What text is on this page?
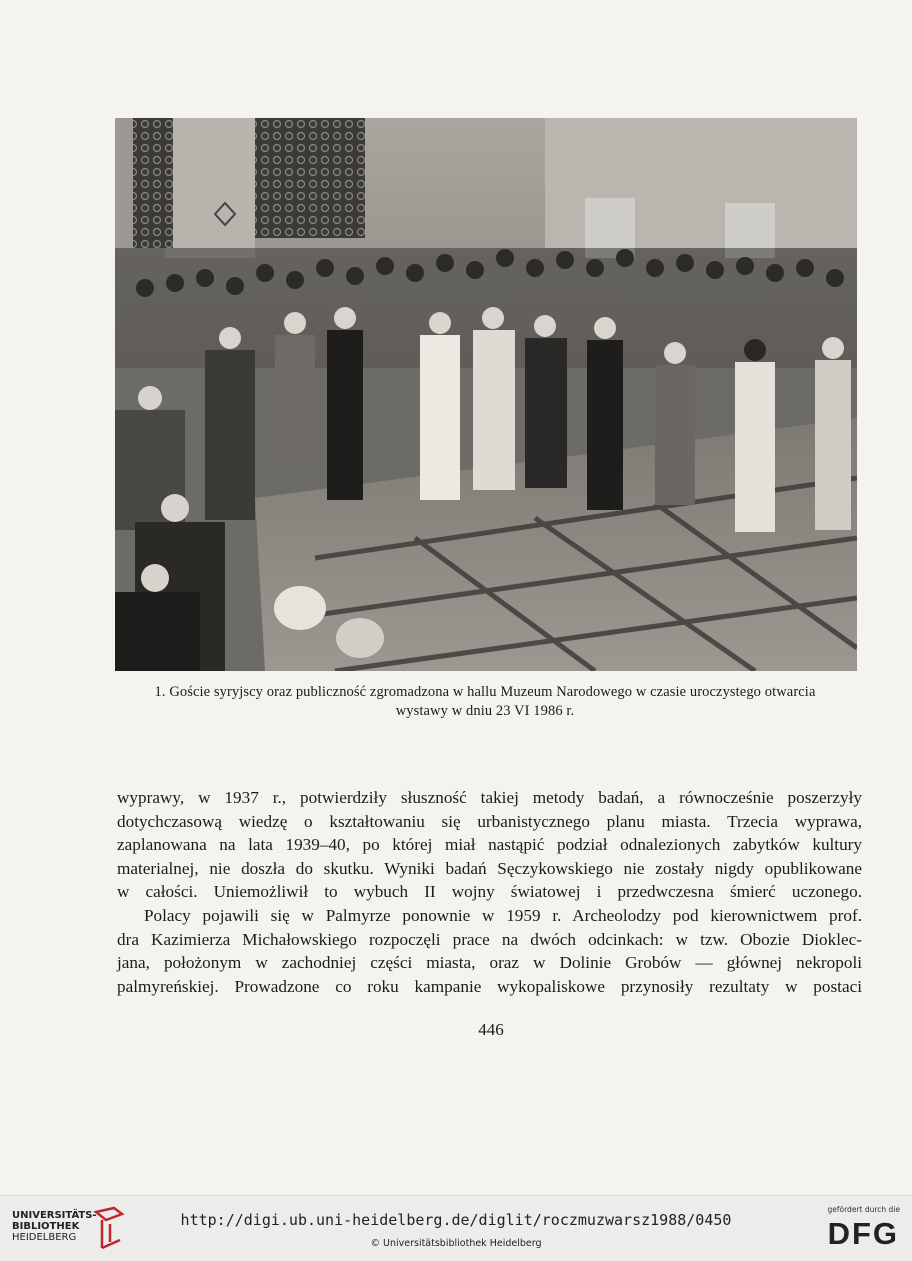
1. Goście syryjscy oraz publiczność zgromadzona w hallu Muzeum Narodowego w czasie uroczystego otwarcia
wystawy w dniu 23 VI 1986 r.
wyprawy, w 1937 r., potwierdziły słuszność takiej metody badań, a równocześnie poszerzyły
dotychczasową wiedzę o kształtowaniu się urbanistycznego planu miasta. Trzecia wyprawa,
zaplanowana na lata 1939–40, po której miał nastąpić podział odnalezionych zabytków kultury
materialnej, nie doszła do skutku. Wyniki badań Sęczykowskiego nie zostały nigdy opublikowane
w całości. Uniemożliwił to wybuch II wojny światowej i przedwczesna śmierć uczonego.
Polacy pojawili się w Palmyrze ponownie w 1959 r. Archeolodzy pod kierownictwem prof.
dra Kazimierza Michałowskiego rozpoczęli prace na dwóch odcinkach: w tzw. Obozie Dioklec-
jana, położonym w zachodniej części miasta, oraz w Dolinie Grobów — głównej nekropoli
palmyreńskiej. Prowadzone co roku kampanie wykopaliskowe przynosiły rezultaty w postaci
446
UNIVERSITÄTS-
BIBLIOTHEK
HEIDELBERG
http://digi.ub.uni-heidelberg.de/diglit/roczmuzwarsz1988/0450
© Universitätsbibliothek Heidelberg
gefördert durch die
DFG
